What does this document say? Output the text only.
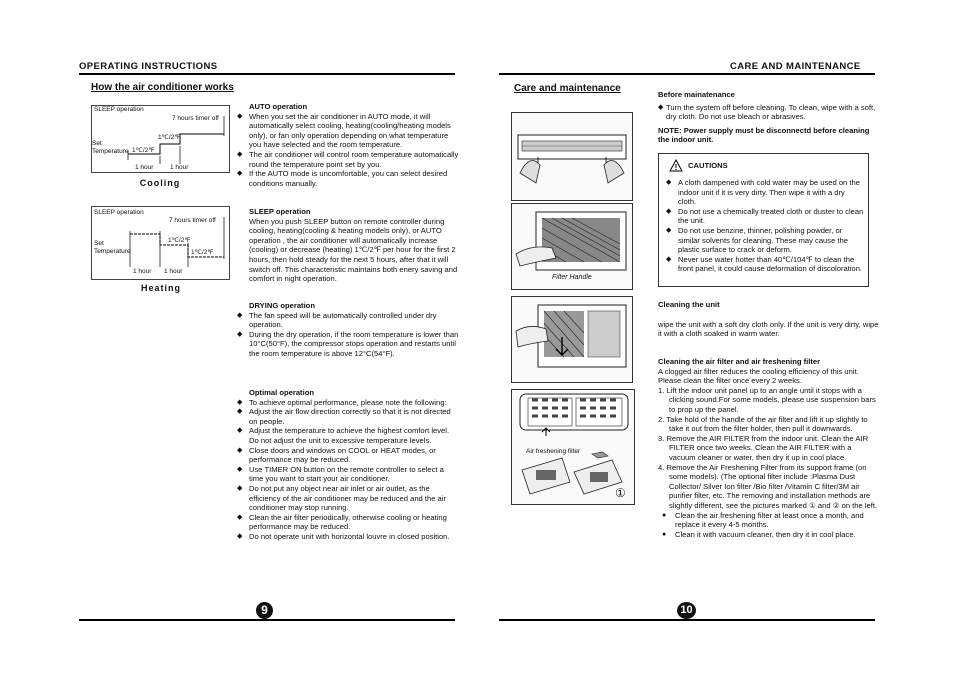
OPERATING INSTRUCTIONS
How the air conditioner works
SLEEP operation
7 hours timer off
Set
Temperature
1℃/2℉
1℃/2℉
1 hour	1 hour
Cooling
SLEEP operation
7 hours timer off
Set
Temperature
1℃/2℉
1℃/2℉
1 hour 1 hour
Heating
AUTO operation

◆ When you set the air conditioner in AUTO mode, it will automatically select cooling, heating(cooling/heating models only), or fan only operation depending on what temperature you have selected and the room temperature.

◆ The air conditioner will control room temperature automatically round the temperature point set by you.

◆ If the AUTO mode is uncomfortable, you can select desired conditions manually.

SLEEP operation

When you push SLEEP button on remote controller during cooling, heating(cooling & heating models only), or AUTO operation , the air conditioner will automatically increase (cooling) or decrease (heating) 1℃/2℉ per hour for the first 2 hours, then hold steady for the next 5 hours, after that it will switch off. This characteristic maintains both enery saving and comfort in night operation.

DRYING operation

◆ The fan speed will be automatically controlled under dry operation.

◆ During the dry operation, if the room temperature is lower than 10°C(50°F), the compressor stops operation and restarts until the room temperature is above 12°C(54°F).

Optimal operation

◆ To achieve optimal performance, please note the following:

◆ Adjust the air flow direction correctly so that it is not directed on people.

◆ Adjust the temperature to achieve the highest comfort level. Do not adjust the unit to excessive temperature levels.

◆ Close doors and windows on COOL or HEAT modes, or performance may be reduced.

◆ Use TIMER ON button on the remote controller to select a time you want to start your air conditioner.

◆ Do not put any object near air inlet or air outlet, as the efficiency of the air conditioner may be reduced and the air conditioner may stop running.

◆ Clean the air filter periodically, otherwise cooling or heating performance may be reduced.

◆ Do not operate unit with horizontal louvre in closed position.

9
CARE AND MAINTENANCE
Care and maintenance
Filter Handle
Air freshening filter
①
Before mainatenance

◆ Turn the system off before cleaning. To clean, wipe with a soft, dry cloth. Do not use bleach or abrasives.

NOTE: Power supply must be disconnectd before cleaning the indoor unit.

! CAUTIONS

◆ A cloth dampened with cold water may be used on the indoor unit if it is very dirty. Then wipe it with a dry cloth.

◆ Do not use a chemically treated cloth or duster to clean the unit.

◆ Do not use benzine, thinner, polishing powder, or similar solvents for cleaning. These may cause the plastic surface to crack or deform.

◆ Never use water hotter than 40℃/104℉ to clean the front panel, it could cause deformation of discoloration.

Cleaning the unit

wipe the unit with a soft dry cloth only. If the unit is very dirty, wipe it with a cloth soaked in warm water.

Cleaning the air filter and air freshening filter

A clogged air filter reduces the cooling efficiency of this unit. Please clean the filter once every 2 weeks.

1. Lift the indoor unit panel up to an angle until it stops with a clicking sound.For some models, please use suspension bars to prop up the panel.

2. Take hold of the handle of the air filter and lift it up slightly to take it out from the filter holder, then pull it downwards.

3. Remove the AIR FILTER from the indoor unit. Clean the AIR FILTER once two weeks. Clean the AIR FILTER with a vacuum cleaner or water, then dry it up in cool place.

4. Remove the Air Freshening Filter from its support frame (on some models). (The optional filter include :Plasma Dust Collector/ Silver Ion filter /Bio filter /Vitamin C filter/3M air purifier filter, etc. The removing and installation methods are slightly different, see the pictures marked ① and ② on the left.

● Clean the air freshening filter at least once a month, and replace it every 4-5 months.

● Clean it with vacuum cleaner, then dry it in cool place.

10
